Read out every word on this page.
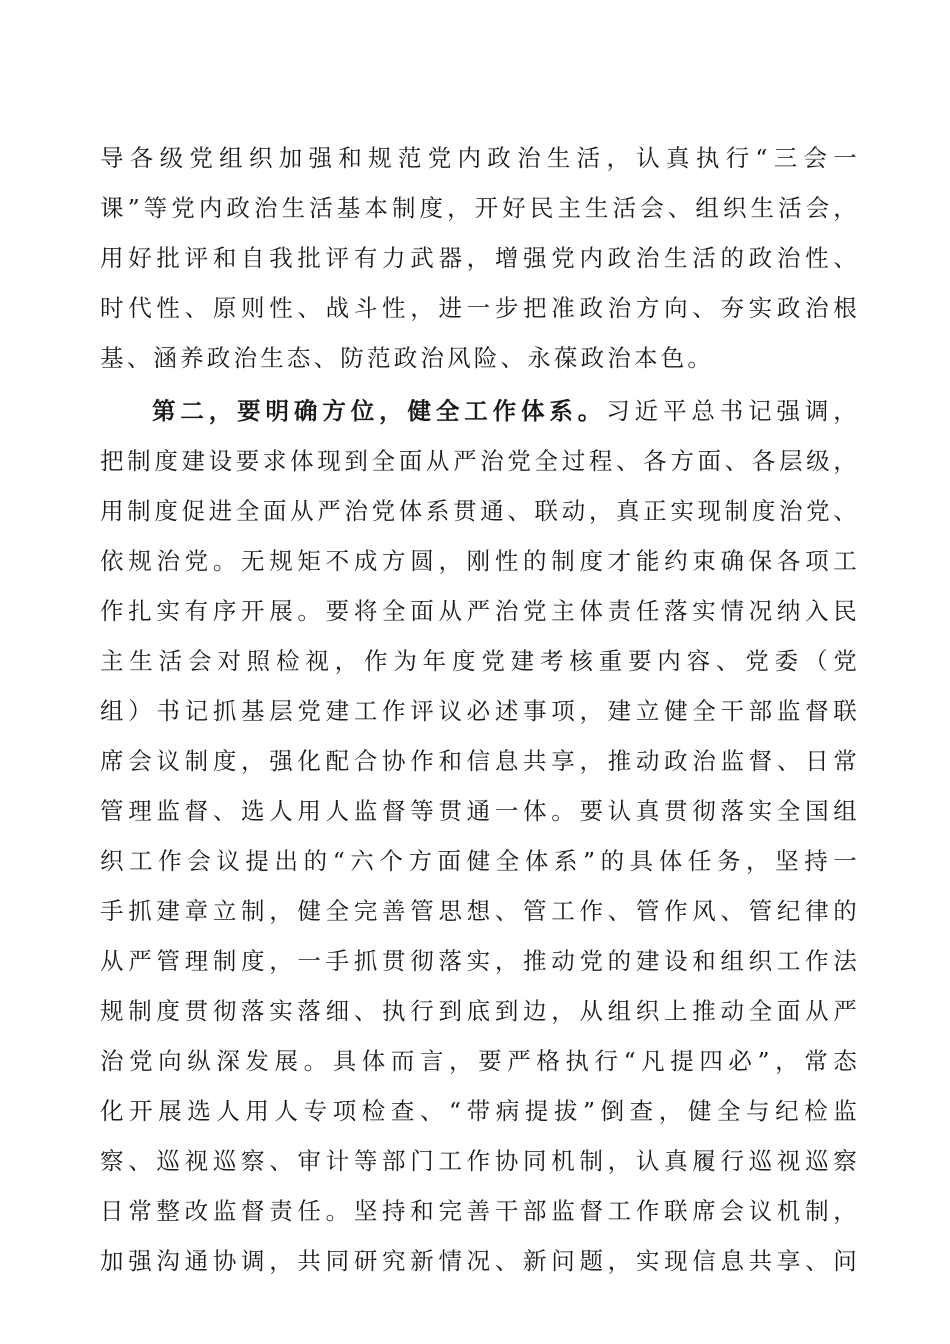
导各级党组织加强和规范党内政治生活，认真执行“三会一
课”等党内政治生活基本制度，开好民主生活会、组织生活会，
用好批评和自我批评有力武器，增强党内政治生活的政治性、
时代性、原则性、战斗性，进一步把准政治方向、夯实政治根
基、涵养政治生态、防范政治风险、永葆政治本色。
第二，要明确方位，健全工作体系。习近平总书记强调，
把制度建设要求体现到全面从严治党全过程、各方面、各层级，
用制度促进全面从严治党体系贯通、联动，真正实现制度治党、
依规治党。无规矩不成方圆，刚性的制度才能约束确保各项工
作扎实有序开展。要将全面从严治党主体责任落实情况纳入民
主生活会对照检视，作为年度党建考核重要内容、党委（党
组）书记抓基层党建工作评议必述事项，建立健全干部监督联
席会议制度，强化配合协作和信息共享，推动政治监督、日常
管理监督、选人用人监督等贯通一体。要认真贯彻落实全国组
织工作会议提出的“六个方面健全体系”的具体任务，坚持一
手抓建章立制，健全完善管思想、管工作、管作风、管纪律的
从严管理制度，一手抓贯彻落实，推动党的建设和组织工作法
规制度贯彻落实落细、执行到底到边，从组织上推动全面从严
治党向纵深发展。具体而言，要严格执行“凡提四必”，常态
化开展选人用人专项检查、“带病提拔”倒查，健全与纪检监
察、巡视巡察、审计等部门工作协同机制，认真履行巡视巡察
日常整改监督责任。坚持和完善干部监督工作联席会议机制，
加强沟通协调，共同研究新情况、新问题，实现信息共享、问
